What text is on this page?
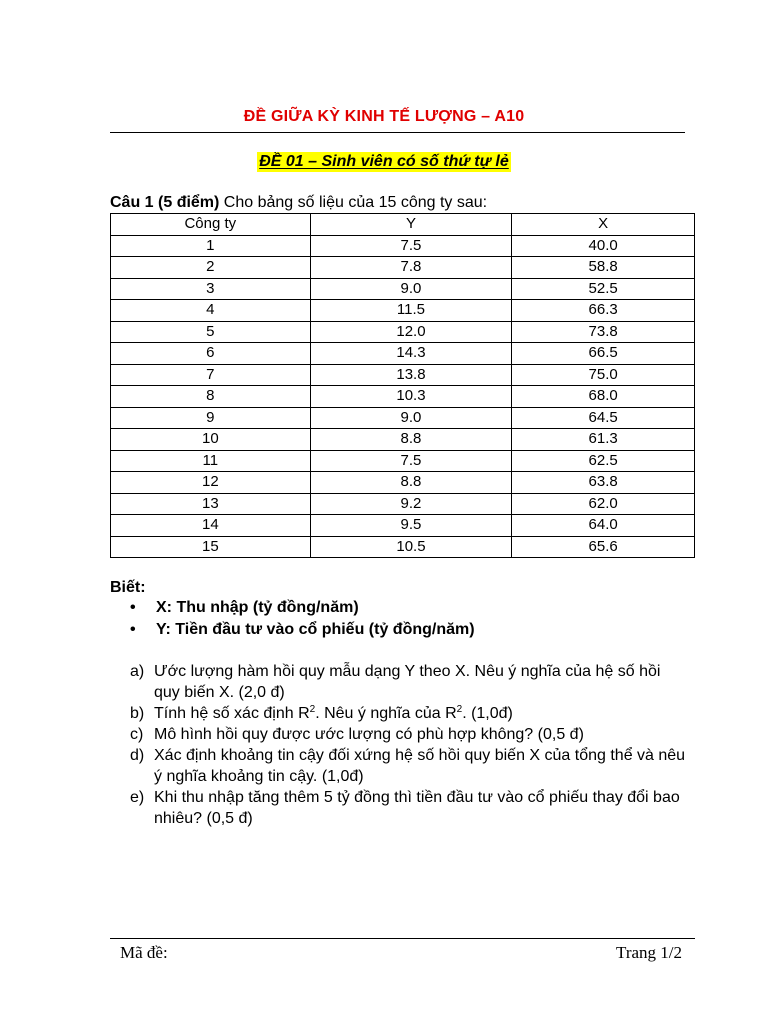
ĐỀ GIỮA KỲ KINH TẾ LƯỢNG – A10
ĐỀ 01 – Sinh viên có số thứ tự lẻ
Câu 1 (5 điểm) Cho bảng số liệu của 15 công ty sau:
Công ty	Y	X
1	7.5	40.0
2	7.8	58.8
3	9.0	52.5
4	11.5	66.3
5	12.0	73.8
6	14.3	66.5
7	13.8	75.0
8	10.3	68.0
9	9.0	64.5
10	8.8	61.3
11	7.5	62.5
12	8.8	63.8
13	9.2	62.0
14	9.5	64.0
15	10.5	65.6
Biết:
• X: Thu nhập (tỷ đồng/năm)
• Y: Tiền đầu tư vào cổ phiếu (tỷ đồng/năm)
a) Ước lượng hàm hồi quy mẫu dạng Y theo X. Nêu ý nghĩa của hệ số hồi quy biến X. (2,0 đ)
b) Tính hệ số xác định $R^2$. Nêu ý nghĩa của $R^2$. (1,0đ)
c) Mô hình hồi quy được ước lượng có phù hợp không? (0,5 đ)
d) Xác định khoảng tin cậy đối xứng hệ số hồi quy biến X của tổng thể và nêu ý nghĩa khoảng tin cậy. (1,0đ)
e) Khi thu nhập tăng thêm 5 tỷ đồng thì tiền đầu tư vào cổ phiếu thay đổi bao nhiêu? (0,5 đ)
Mã đề:	Trang 1/2
